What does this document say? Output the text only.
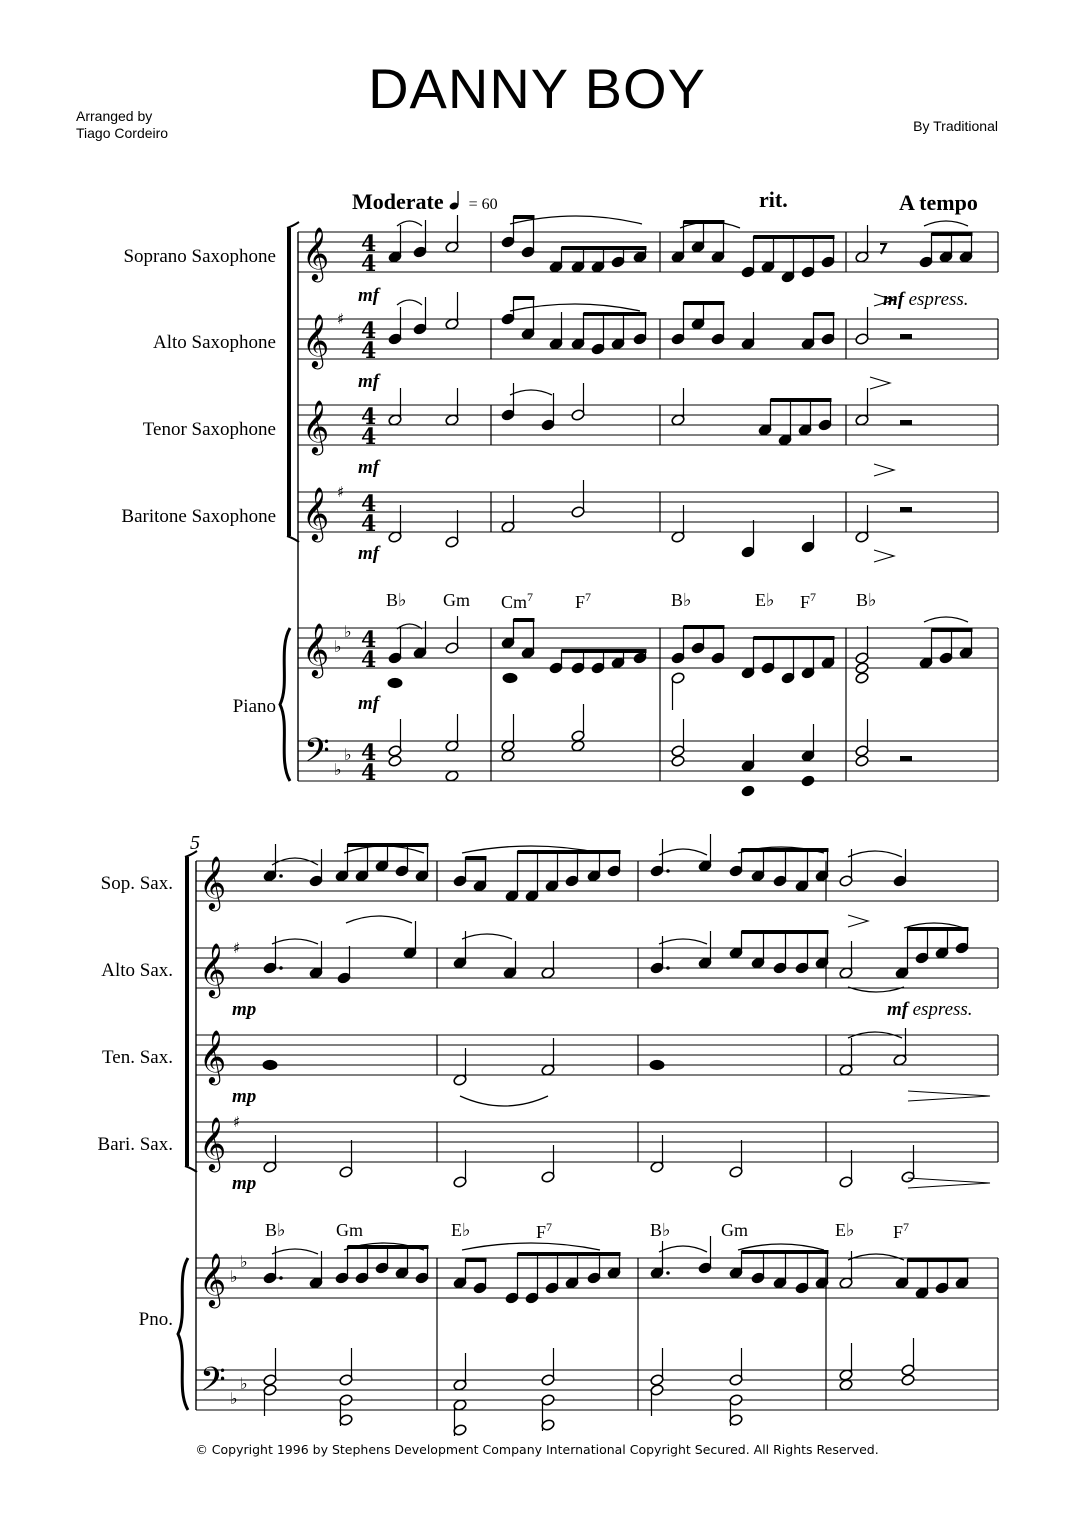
DANNY BOY
Arranged by
Tiago Cordeiro	By Traditional
Moderate = 60	rit.	A tempo
Soprano Saxophone
Alto Saxophone
Tenor Saxophone
Baritone Saxophone
Piano
B♭ Gm Cm$^7$ $F^7$	B♭	E♭ $F^7$ B♭
mf
mf
mf
mf
mf
mf espress.
5
Sop. Sax.
Alto Sax.
Ten. Sax.
Bari. Sax.
Pno.
B♭	Gm	E♭	$F^7$	B♭	Gm	E♭ $F^7$
mp
mp
mp
mf espress.
𝄞
𝄞
𝄞
𝄞
𝄞
𝄢
♯
♯
♭
♭
♭
♭
4
4
4
4
4
4
4
4
4
4
4
4
𝄞
𝄞
𝄞
𝄞
𝄞
𝄢
♯
♯
♭
♭
♭
♭
© Copyright 1996 by Stephens Development Company International Copyright Secured. All Rights Reserved.
